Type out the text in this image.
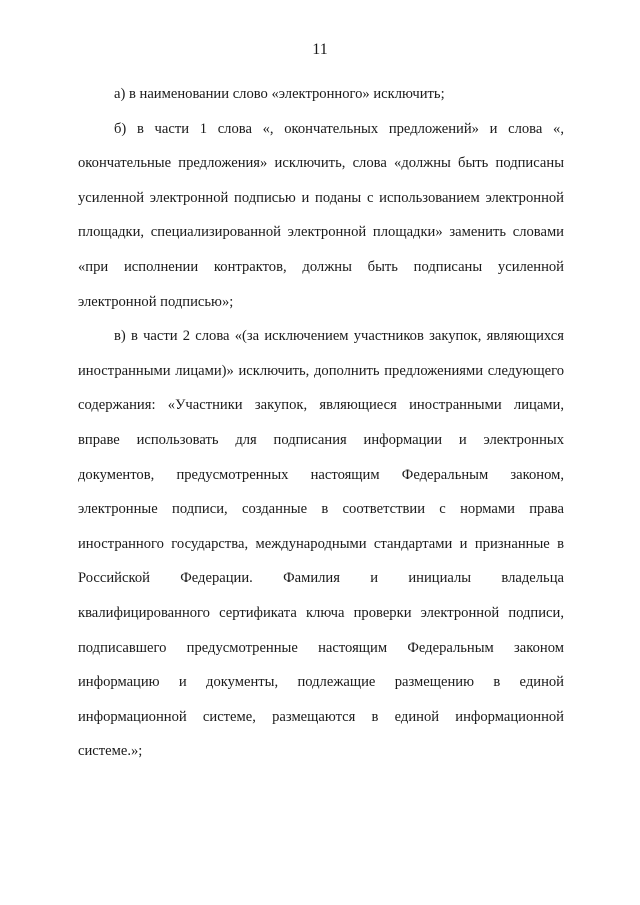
11

а) в наименовании слово «электронного» исключить;

б) в части 1 слова «, окончательных предложений» и слова «, окончательные предложения» исключить, слова «должны быть подписаны усиленной электронной подписью и поданы с использованием электронной площадки, специализированной электронной площадки» заменить словами «при исполнении контрактов, должны быть подписаны усиленной электронной подписью»;

в) в части 2 слова «(за исключением участников закупок, являющихся иностранными лицами)» исключить, дополнить предложениями следующего содержания: «Участники закупок, являющиеся иностранными лицами, вправе использовать для подписания информации и электронных документов, предусмотренных настоящим Федеральным законом, электронные подписи, созданные в соответствии с нормами права иностранного государства, международными стандартами и признанные в Российской Федерации. Фамилия и инициалы владельца квалифицированного сертификата ключа проверки электронной подписи, подписавшего предусмотренные настоящим Федеральным законом информацию и документы, подлежащие размещению в единой информационной системе, размещаются в единой информационной системе.»;
